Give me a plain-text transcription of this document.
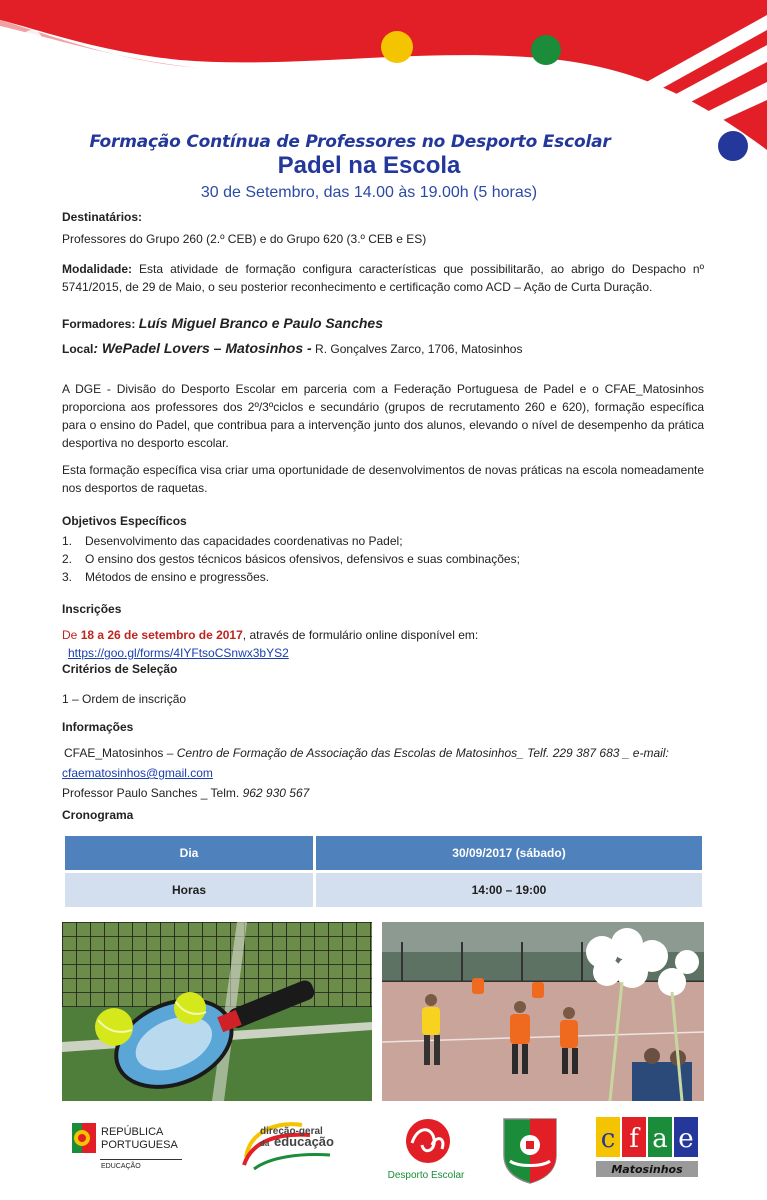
Formação Contínua de Professores no Desporto Escolar
Padel na Escola
30 de Setembro, das 14.00 às 19.00h (5 horas)
Destinatários:
Professores do Grupo 260 (2.º CEB) e do Grupo 620 (3.º CEB e ES)
Modalidade: Esta atividade de formação configura características que possibilitarão, ao abrigo do Despacho nº 5741/2015, de 29 de Maio, o seu posterior reconhecimento e certificação como ACD – Ação de Curta Duração.
Formadores: Luís Miguel Branco e Paulo Sanches
Local: WePadel Lovers – Matosinhos - R. Gonçalves Zarco, 1706, Matosinhos
A DGE - Divisão do Desporto Escolar em parceria com a Federação Portuguesa de Padel e o CFAE_Matosinhos proporciona aos professores dos 2º/3ºciclos e secundário (grupos de recrutamento 260 e 620), formação específica para o ensino do Padel, que contribua para a intervenção junto dos alunos, elevando o nível de desempenho da prática desportiva no desporto escolar.
Esta formação específica visa criar uma oportunidade de desenvolvimentos de novas práticas na escola nomeadamente nos desportos de raquetas.
Objetivos Específicos
1. Desenvolvimento das capacidades coordenativas no Padel;
2. O ensino dos gestos técnicos básicos ofensivos, defensivos e suas combinações;
3. Métodos de ensino e progressões.
Inscrições
De 18 a 26 de setembro de 2017, através de formulário online disponível em: https://goo.gl/forms/4IYFtsoCSnwx3bYS2
Critérios de Seleção
1 – Ordem de inscrição
Informações
CFAE_Matosinhos – Centro de Formação de Associação das Escolas de Matosinhos_ Telf. 229 387 683 _ e-mail:
cfaematosinhos@gmail.com
Professor Paulo Sanches _ Telm. 962 930 567
Cronograma
Dia	30/09/2017 (sábado)
Horas	14:00 – 19:00
REPÚBLICA
PORTUGUESA
EDUCAÇÃO
direção-geral
da educação
Desporto Escolar
c f a e
Matosinhos
